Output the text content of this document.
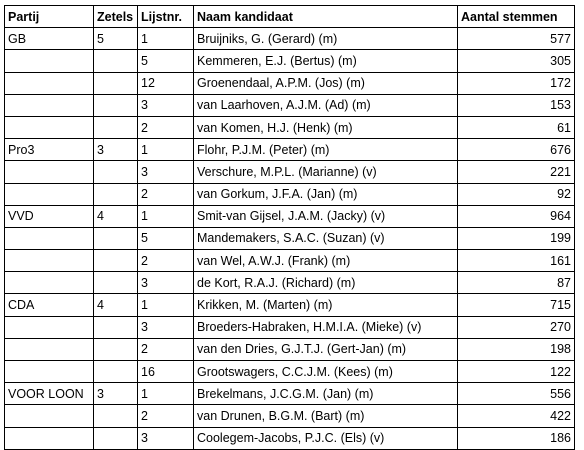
Partij	Zetels	Lijstnr.	Naam kandidaat	Aantal stemmen
GB	5	1	Bruijniks, G. (Gerard) (m)	577
		5	Kemmeren, E.J. (Bertus) (m)	305
		12	Groenendaal, A.P.M. (Jos) (m)	172
		3	van Laarhoven, A.J.M. (Ad) (m)	153
		2	van Komen, H.J. (Henk) (m)	61
Pro3	3	1	Flohr, P.J.M. (Peter) (m)	676
		3	Verschure, M.P.L. (Marianne) (v)	221
		2	van Gorkum, J.F.A. (Jan) (m)	92
VVD	4	1	Smit-van Gijsel, J.A.M. (Jacky) (v)	964
		5	Mandemakers, S.A.C. (Suzan) (v)	199
		2	van Wel, A.W.J. (Frank) (m)	161
		3	de Kort, R.A.J. (Richard) (m)	87
CDA	4	1	Krikken, M. (Marten) (m)	715
		3	Broeders-Habraken, H.M.I.A. (Mieke) (v)	270
		2	van den Dries, G.J.T.J. (Gert-Jan) (m)	198
		16	Grootswagers, C.C.J.M. (Kees) (m)	122
VOOR LOON	3	1	Brekelmans, J.C.G.M. (Jan) (m)	556
		2	van Drunen, B.G.M. (Bart) (m)	422
		3	Coolegem-Jacobs, P.J.C. (Els) (v)	186
